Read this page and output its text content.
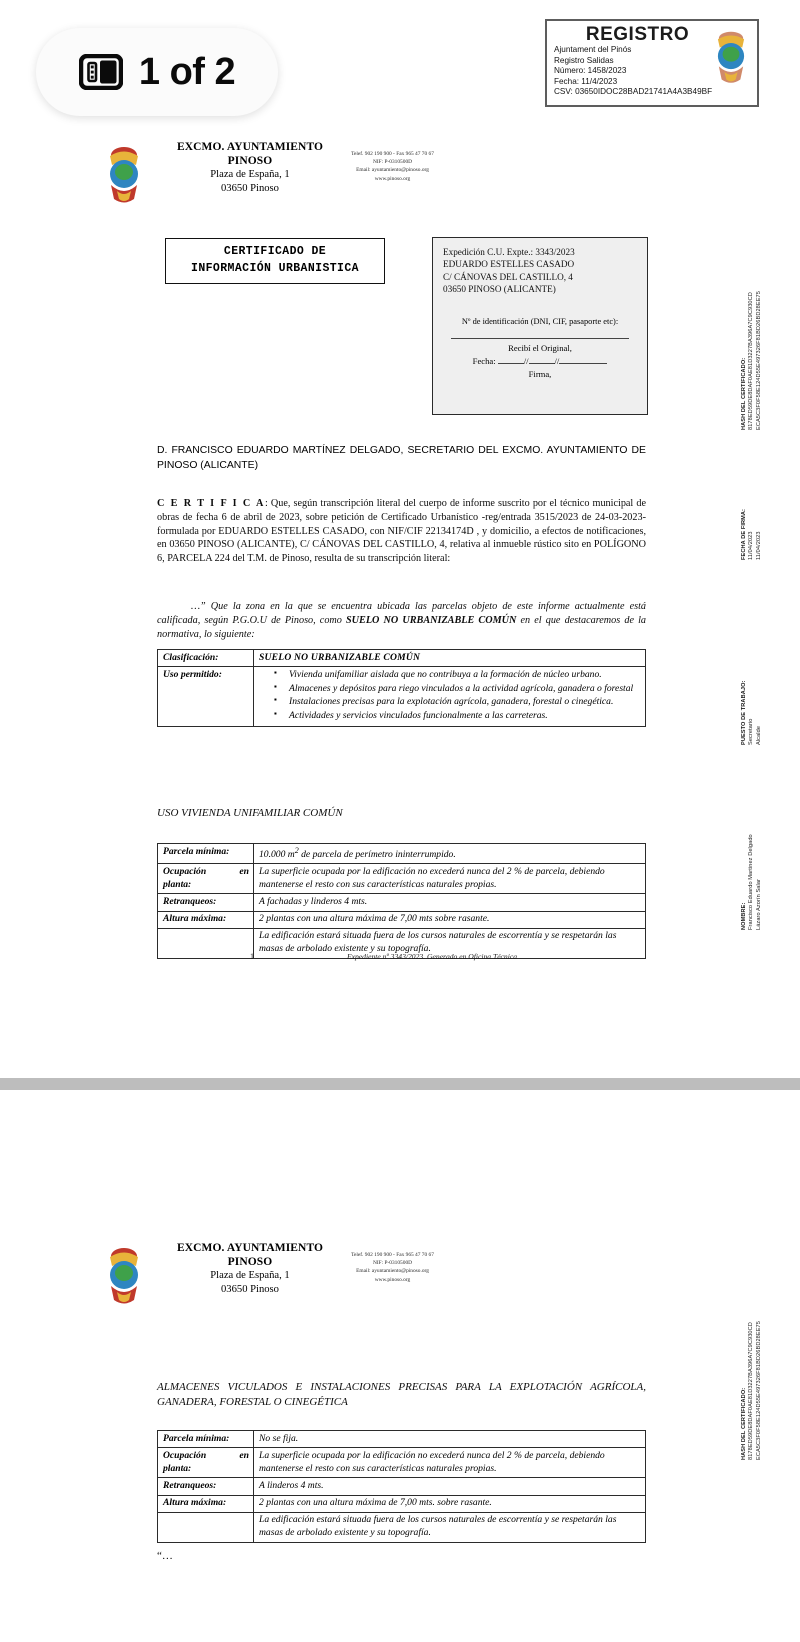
EXCMO. AYUNTAMIENTO
PINOSO
Plaza de España, 1
03650 Pinoso
Telef. 902 190 900 - Fax 965 47 70 67
NIF: P-0310500D
Email: ayuntamiento@pinoso.org
www.pinoso.org
CERTIFICADO DE
INFORMACIÓN URBANISTICA
Expedición C.U. Expte.: 3343/2023
EDUARDO ESTELLES CASADO
C/ CÁNOVAS DEL CASTILLO, 4
03650 PINOSO (ALICANTE)
Nº de identificación (DNI, CIF, pasaporte etc):
Recibí el Original,
Fecha:	//	//
Firma,

D. FRANCISCO EDUARDO MARTÍNEZ DELGADO, SECRETARIO DEL EXCMO. AYUNTAMIENTO DE PINOSO (ALICANTE)

C E R T I F I C A: Que, según transcripción literal del cuerpo de informe suscrito por el técnico municipal de obras de fecha 6 de abril de 2023, sobre petición de Certificado Urbanístico -reg/entrada 3515/2023 de 24-03-2023- formulada por EDUARDO ESTELLES CASADO, con NIF/CIF 22134174D , y domicilio, a efectos de notificaciones, en 03650 PINOSO (ALICANTE), C/ CÁNOVAS DEL CASTILLO, 4, relativa al inmueble rústico sito en POLÍGONO 6, PARCELA 224 del T.M. de Pinoso, resulta de su transcripción literal:

…” Que la zona en la que se encuentra ubicada las parcelas objeto de este informe actualmente está calificada, según P.G.O.U de Pinoso, como SUELO NO URBANIZABLE COMÚN en el que destacaremos de la normativa, lo siguiente:

Clasificación:	SUELO NO URBANIZABLE COMÚN
Uso permitido:	
▪Vivienda unifamiliar aislada que no contribuya a la formación de núcleo urbano.
▪ Almacenes y depósitos para riego vinculados a la actividad agrícola, ganadera o forestal
▪ Instalaciones precisas para la explotación agrícola, ganadera, forestal o cinegética.
▪ Actividades y servicios vinculados funcionalmente a las carreteras.

USO VIVIENDA UNIFAMILIAR COMÚN

Parcela mínima:	10.000 $m^2$ de parcela de perímetro ininterrumpido.

Ocupación en
planta:	La superficie ocupada por la edificación no excederá nunca del 2 % de parcela, debiendo mantenerse el resto con sus características naturales propias.
Retranqueos:	A fachadas y linderos 4 mts.
Altura máxima:	2 plantas con una altura máxima de 7,00 mts sobre rasante.
	La edificación estará situada fuera de los cursos naturales de escorrentía y se respetarán las masas de arbolado existente y su topografía.
1	Expediente nº 3343/2023. Generado en Oficina Técnica
HASH DEL CERTIFICADO: 8178ED59DE8DAF0AE81D3227BA396A7C9C930CD ECA5C3F0F58E124D55E497326F81BD26BD28EE75
FECHA DE FIRMA: 11/04/2023 11/04/2023
PUESTO DE TRABAJO: Secretario Alcalde
NOMBRE: Francisco Eduardo Martinez Delgado Lázaro Azorín Salar
EXCMO. AYUNTAMIENTO
PINOSO
Plaza de España, 1
03650 Pinoso
Telef. 902 190 900 - Fax 965 47 70 67
NIF: P-0310500D
Email: ayuntamiento@pinoso.org
www.pinoso.org

ALMACENES VICULADOS E INSTALACIONES PRECISAS PARA LA EXPLOTACIÓN AGRÍCOLA, GANADERA, FORESTAL O CINEGÉTICA

Parcela mínima:	No se fija.

Ocupación en
planta:	La superficie ocupada por la edificación no excederá nunca del 2 % de parcela, debiendo mantenerse el resto con sus características naturales propias.
Retranqueos:	A linderos 4 mts.
Altura máxima:	2 plantas con una altura máxima de 7,00 mts. sobre rasante.
	La edificación estará situada fuera de los cursos naturales de escorrentía y se respetarán las masas de arbolado existente y su topografía.

“…

HASH DEL CERTIFICADO: 8178ED59DE8DAF0AE81D3227BA396A7C9C930CD ECA5C3F0F58E124D55E497326F81BD26BD28EE75
REGISTRO
Ajuntament del Pinós
Registro Salidas
Número: 1458/2023
Fecha: 11/4/2023
CSV: 03650IDOC28BAD21741A4A3B49BF
1 of 2
